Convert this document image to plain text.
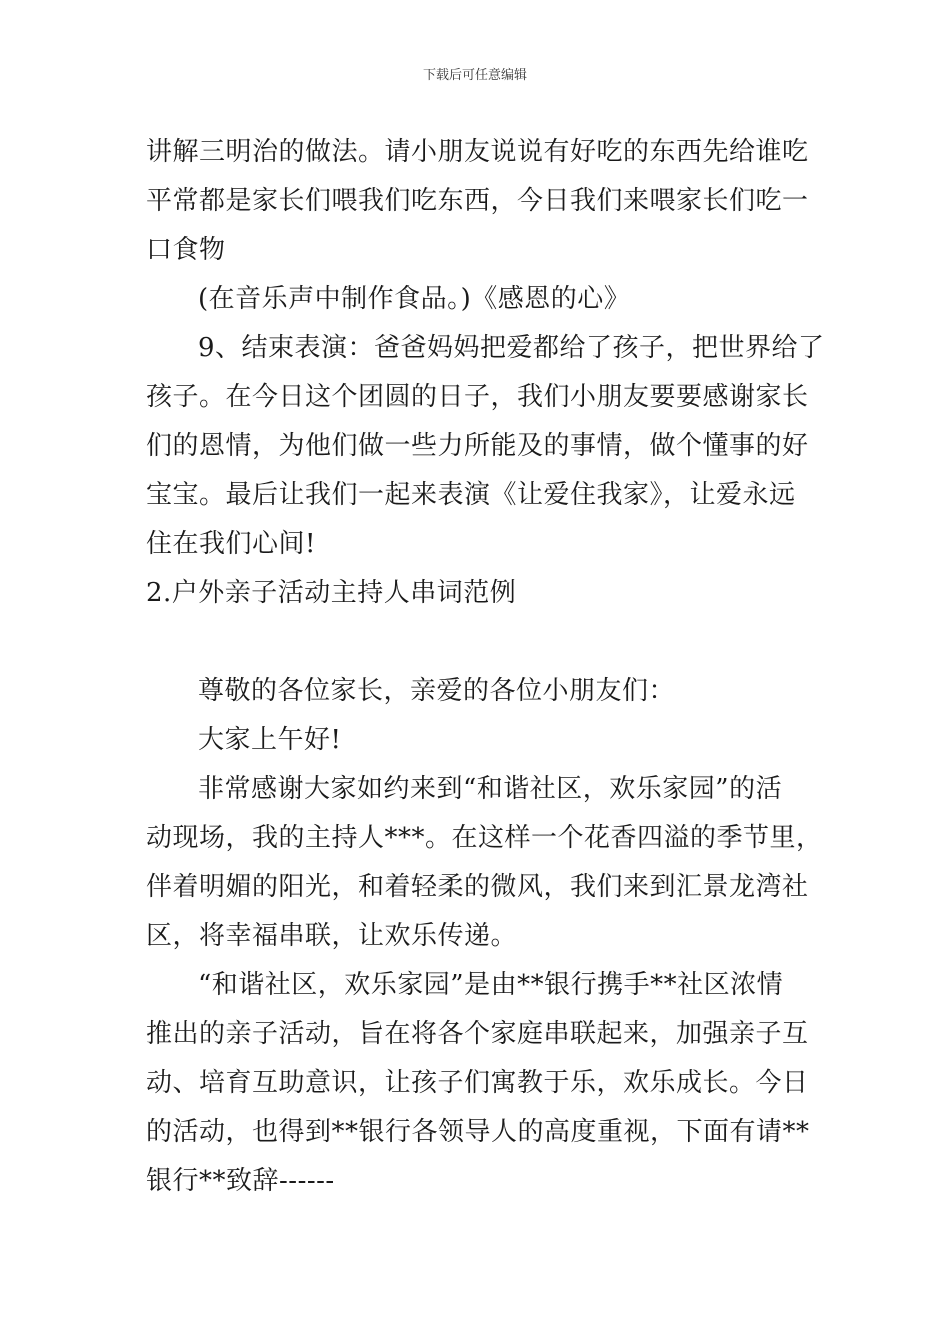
下载后可任意编辑
讲解三明治的做法。请小朋友说说有好吃的东西先给谁吃
平常都是家长们喂我们吃东西，今日我们来喂家长们吃一
口食物
(在音乐声中制作食品。)《感恩的心》
9、结束表演：爸爸妈妈把爱都给了孩子，把世界给了
孩子。在今日这个团圆的日子，我们小朋友要要感谢家长
们的恩情，为他们做一些力所能及的事情，做个懂事的好
宝宝。最后让我们一起来表演《让爱住我家》，让爱永远
住在我们心间!
2.户外亲子活动主持人串词范例
尊敬的各位家长，亲爱的各位小朋友们：
大家上午好!
非常感谢大家如约来到“和谐社区，欢乐家园”的活
动现场，我的主持人***。在这样一个花香四溢的季节里，
伴着明媚的阳光，和着轻柔的微风，我们来到汇景龙湾社
区，将幸福串联，让欢乐传递。
“和谐社区，欢乐家园”是由**银行携手**社区浓情
推出的亲子活动，旨在将各个家庭串联起来，加强亲子互
动、培育互助意识，让孩子们寓教于乐，欢乐成长。今日
的活动，也得到**银行各领导人的高度重视，下面有请**
银行**致辞------
